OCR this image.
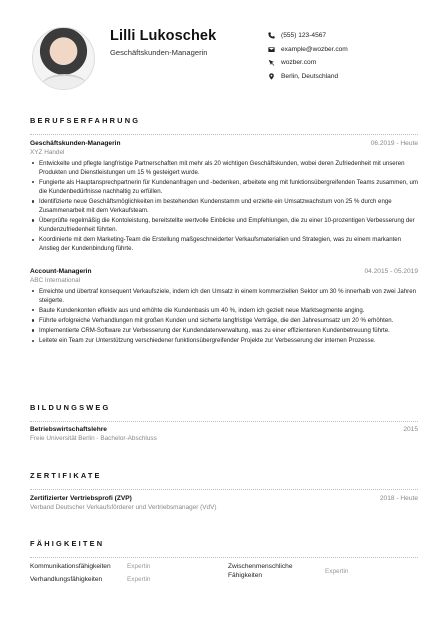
Lilli Lukoschek
Geschäftskunden-Managerin
(555) 123-4567
example@wozber.com
wozber.com
Berlin, Deutschland
BERUFSERFAHRUNG
Geschäftskunden-Managerin	06.2019 - Heute
XYZ Handel
Entwickelte und pflegte langfristige Partnerschaften mit mehr als 20 wichtigen Geschäftskunden, wobei deren Zufriedenheit mit unseren Produkten und Dienstleistungen um 15 % gesteigert wurde.
Fungierte als Hauptansprechpartnerin für Kundenanfragen und -bedenken, arbeitete eng mit funktionsübergreifenden Teams zusammen, um die Kundenbedürfnisse nachhaltig zu erfüllen.
Identifizierte neue Geschäftsmöglichkeiten im bestehenden Kundenstamm und erzielte ein Umsatzwachstum von 25 % durch enge Zusammenarbeit mit dem Verkaufsteam.
Überprüfte regelmäßig die Kontoleistung, bereitstellte wertvolle Einblicke und Empfehlungen, die zu einer 10-prozentigen Verbesserung der Kundenzufriedenheit führten.
Koordinierte mit dem Marketing-Team die Erstellung maßgeschneiderter Verkaufsmaterialien und Strategien, was zu einem markanten Anstieg der Kundenbindung führte.
Account-Managerin	04.2015 - 05.2019
ABC International
Erreichte und übertraf konsequent Verkaufsziele, indem ich den Umsatz in einem kommerziellen Sektor um 30 % innerhalb von zwei Jahren steigerte.
Baute Kundenkonten effektiv aus und erhöhte die Kundenbasis um 40 %, indem ich gezielt neue Marktsegmente anging.
Führte erfolgreiche Verhandlungen mit großen Kunden und sicherte langfristige Verträge, die den Jahresumsatz um 20 % erhöhten.
Implementierte CRM-Software zur Verbesserung der Kundendatenverwaltung, was zu einer effizienteren Kundenbetreuung führte.
Leitete ein Team zur Unterstützung verschiedener funktionsübergreifender Projekte zur Verbesserung der internen Prozesse.
BILDUNGSWEG
Betriebswirtschaftslehre	2015
Freie Universität Berlin - Bachelor-Abschluss
ZERTIFIKATE
Zertifizierter Vertriebsprofi (ZVP)	2018 - Heute
Verband Deutscher Verkaufsförderer und Vertriebsmanager (VdV)
FÄHIGKEITEN
Kommunikationsfähigkeiten	Expertin	Zwischenmenschliche Fähigkeiten	Expertin
Verhandlungsfähigkeiten	Expertin
